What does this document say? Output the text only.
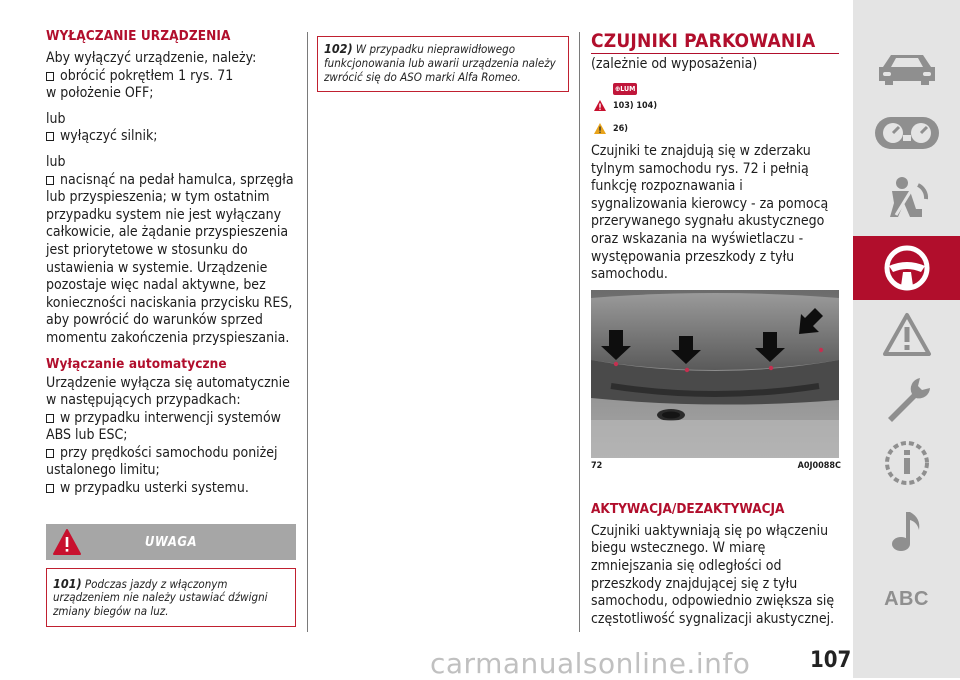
WYŁĄCZANIE URZĄDZENIA

Aby wyłączyć urządzenie, należy:

obrócić pokrętłem 1 rys. 71

w położenie OFF;

lub

wyłączyć silnik;

lub

nacisnąć na pedał hamulca, sprzęgła lub przyspieszenia; w tym ostatnim przypadku system nie jest wyłączany całkowicie, ale żądanie przyspieszenia jest priorytetowe w stosunku do ustawienia w systemie. Urządzenie pozostaje więc nadal aktywne, bez konieczności naciskania przycisku RES, aby powrócić do warunków sprzed momentu zakończenia przyspieszania.

Wyłączanie automatyczne

Urządzenie wyłącza się automatycznie w następujących przypadkach:

w przypadku interwencji systemów ABS lub ESC;

przy prędkości samochodu poniżej ustalonego limitu;

w przypadku usterki systemu.

UWAGA
101) Podczas jazdy z włączonym urządzeniem nie należy ustawiać dźwigni zmiany biegów na luz.
102) W przypadku nieprawidłowego funkcjonowania lub awarii urządzenia należy zwrócić się do ASO marki Alfa Romeo.
CZUJNIKI PARKOWANIA
(zależnie od wyposażenia)
⊕LUM
103) 104)
26)

Czujniki te znajdują się w zderzaku tylnym samochodu rys. 72 i pełnią funkcję rozpoznawania i sygnalizowania kierowcy - za pomocą przerywanego sygnału akustycznego oraz wskazania na wyświetlaczu - występowania przeszkody z tyłu samochodu.

72	A0J0088C
AKTYWACJA/DEZAKTYWACJA

Czujniki uaktywniają się po włączeniu biegu wstecznego. W miarę zmniejszania się odległości od przeszkody znajdującej się z tyłu samochodu, odpowiednio zwiększa się częstotliwość sygnalizacji akustycznej.

ABC
107
carmanualsonline.info
